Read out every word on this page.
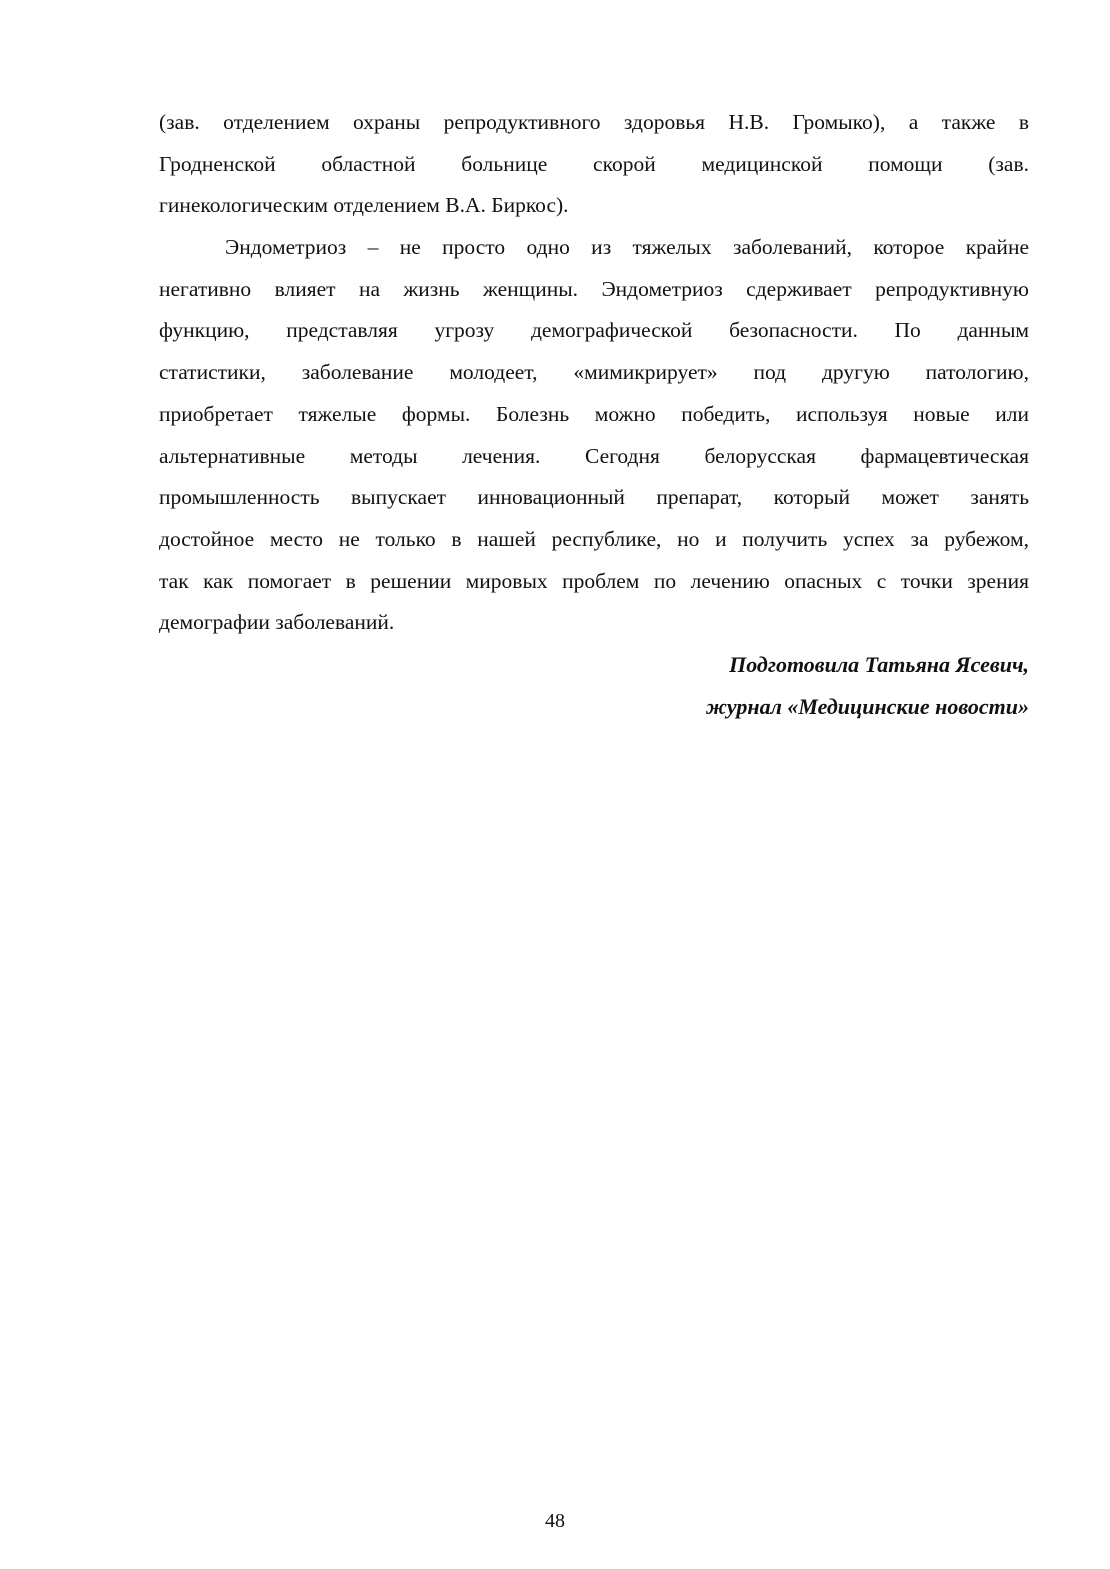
(зав. отделением охраны репродуктивного здоровья Н.В. Громыко), а также в
Гродненской областной больнице скорой медицинской помощи (зав.
гинекологическим отделением В.А. Биркос).

Эндометриоз – не просто одно из тяжелых заболеваний, которое крайне
негативно влияет на жизнь женщины. Эндометриоз сдерживает репродуктивную
функцию, представляя угрозу демографической безопасности. По данным
статистики, заболевание молодеет, «мимикрирует» под другую патологию,
приобретает тяжелые формы. Болезнь можно победить, используя новые или
альтернативные методы лечения. Сегодня белорусская фармацевтическая
промышленность выпускает инновационный препарат, который может занять
достойное место не только в нашей республике, но и получить успех за рубежом,
так как помогает в решении мировых проблем по лечению опасных с точки зрения
демографии заболеваний.

Подготовила Татьяна Ясевич,
журнал «Медицинские новости»
48
